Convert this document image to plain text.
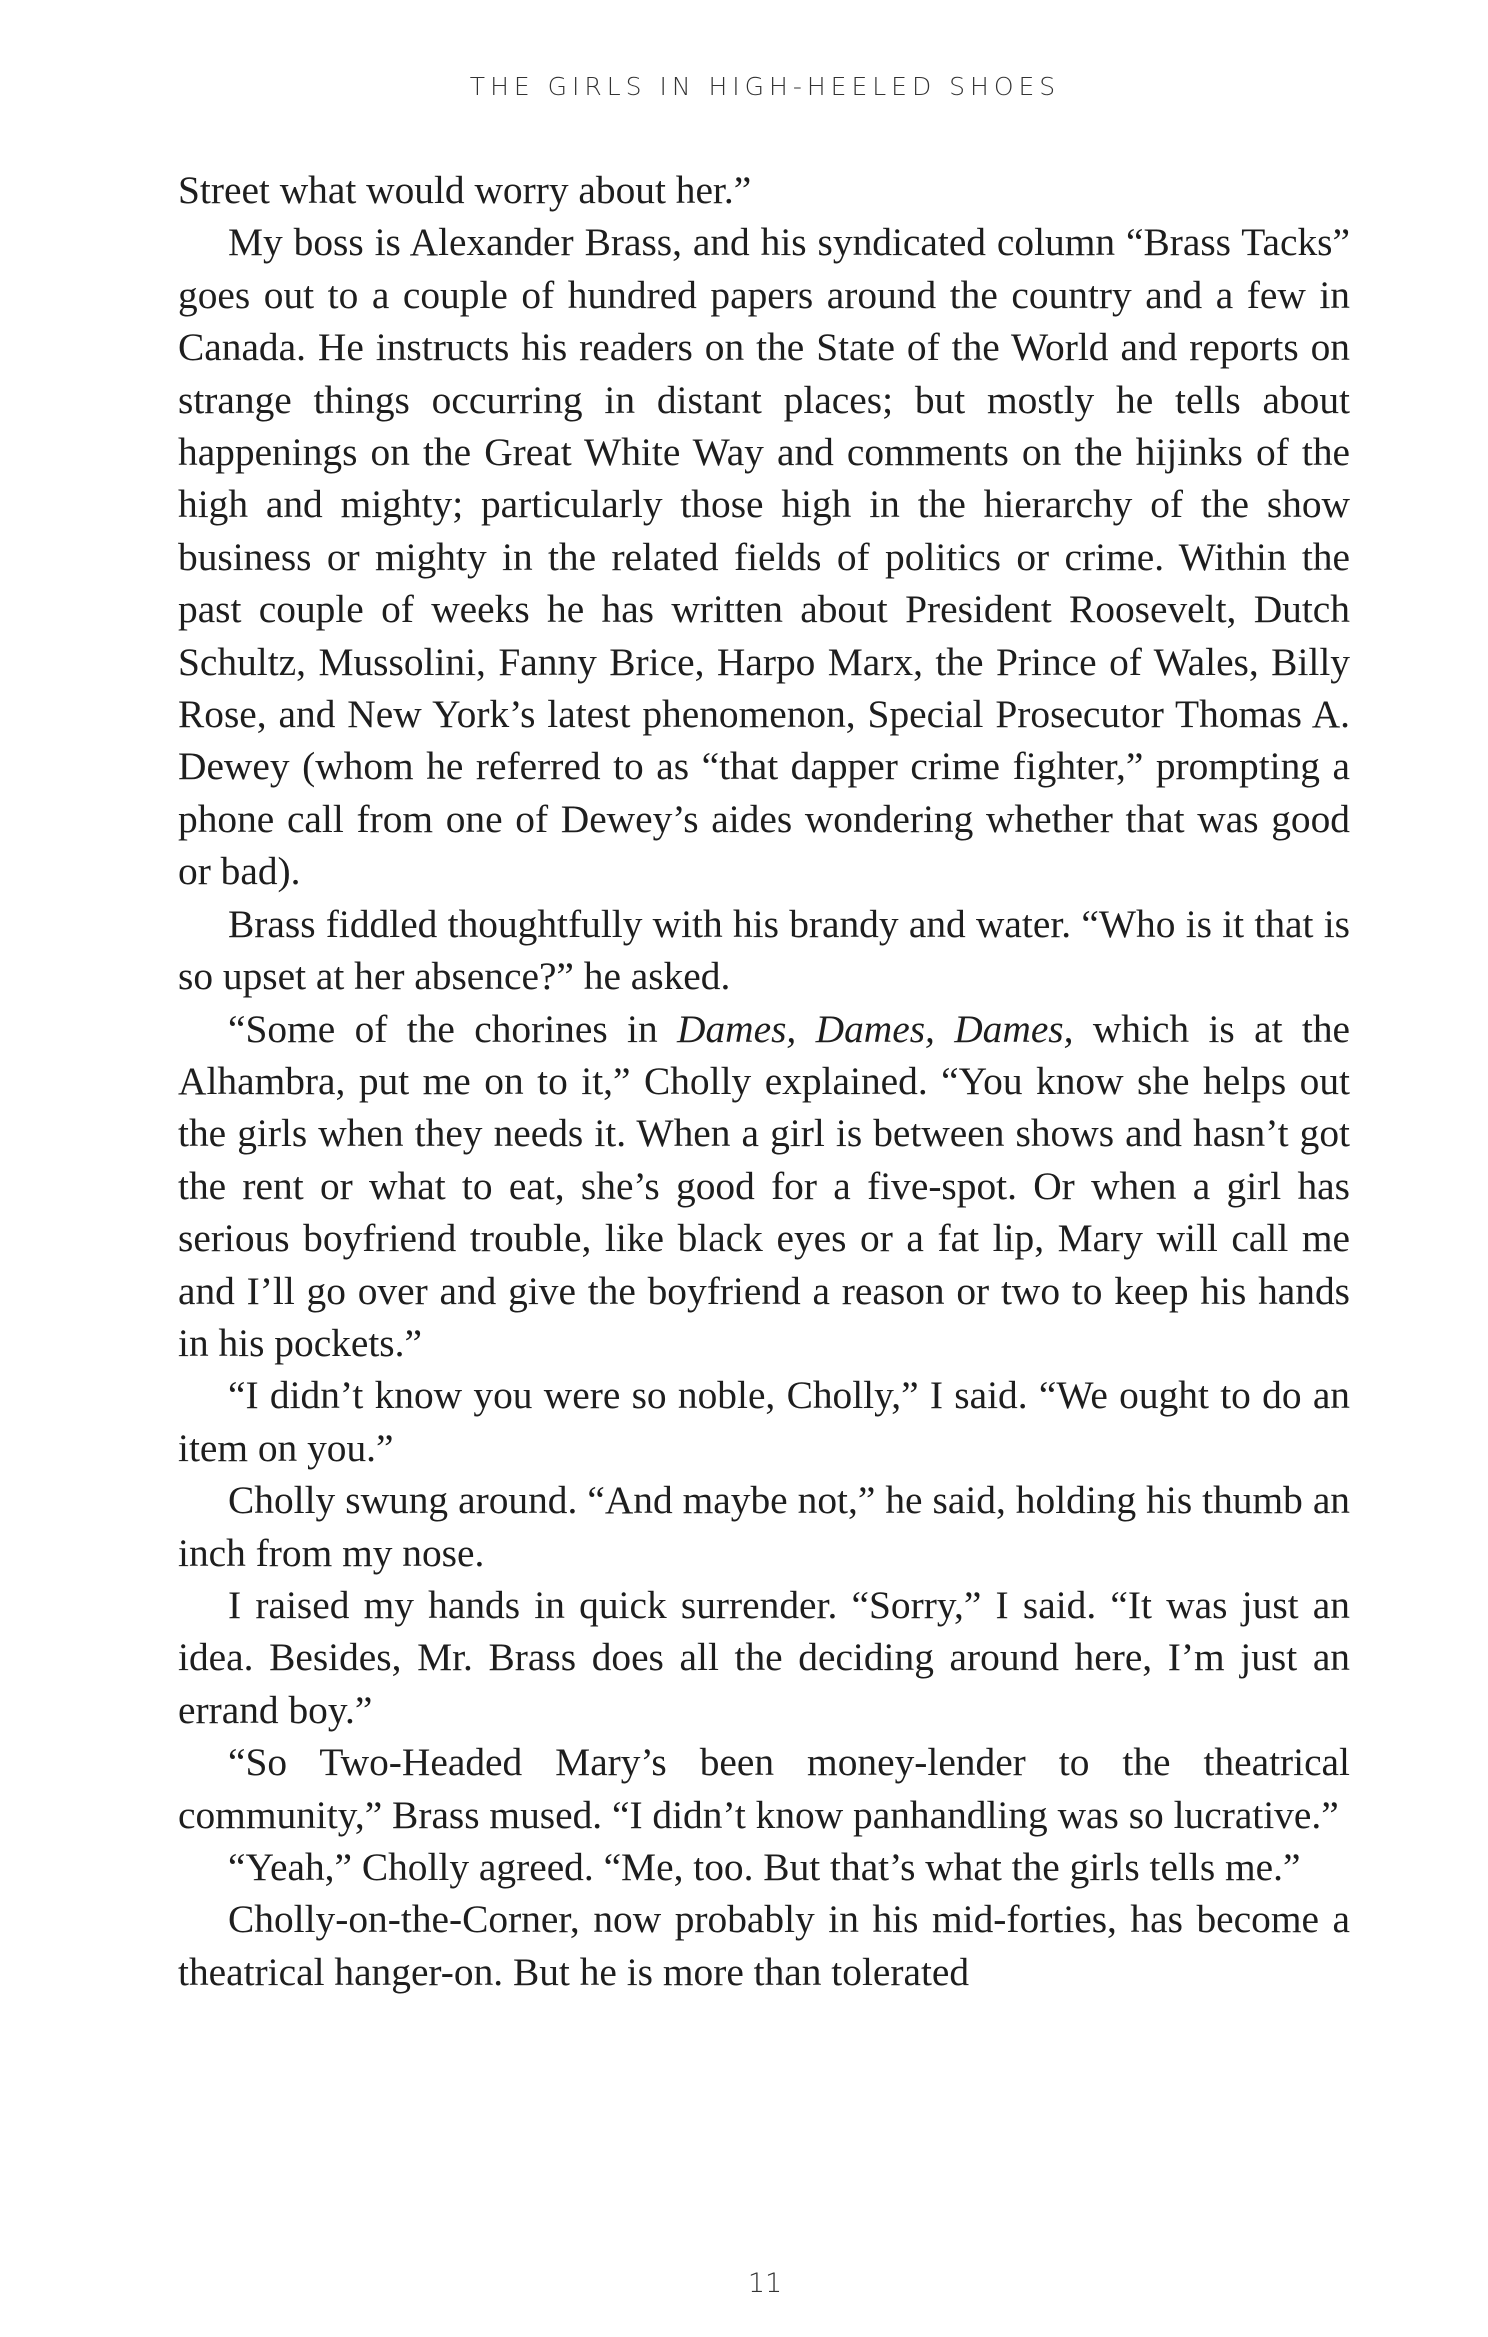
THE GIRLS IN HIGH-HEELED SHOES

Street what would worry about her.”

My boss is Alexander Brass, and his syndicated column “Brass Tacks” goes out to a couple of hundred papers around the country and a few in Canada. He instructs his readers on the State of the World and reports on strange things occurring in distant places; but mostly he tells about happenings on the Great White Way and comments on the hijinks of the high and mighty; particularly those high in the hierarchy of the show business or mighty in the related fields of politics or crime. Within the past couple of weeks he has written about President Roosevelt, Dutch Schultz, Mussolini, Fanny Brice, Harpo Marx, the Prince of Wales, Billy Rose, and New York’s latest phenomenon, Special Prosecutor Thomas A. Dewey (whom he referred to as “that dapper crime fighter,” prompting a phone call from one of Dewey’s aides wondering whether that was good or bad).

Brass fiddled thoughtfully with his brandy and water. “Who is it that is so upset at her absence?” he asked.

“Some of the chorines in Dames, Dames, Dames, which is at the Alhambra, put me on to it,” Cholly explained. “You know she helps out the girls when they needs it. When a girl is between shows and hasn’t got the rent or what to eat, she’s good for a five-spot. Or when a girl has serious boyfriend trouble, like black eyes or a fat lip, Mary will call me and I’ll go over and give the boyfriend a reason or two to keep his hands in his pockets.”

“I didn’t know you were so noble, Cholly,” I said. “We ought to do an item on you.”

Cholly swung around. “And maybe not,” he said, holding his thumb an inch from my nose.

I raised my hands in quick surrender. “Sorry,” I said. “It was just an idea. Besides, Mr. Brass does all the deciding around here, I’m just an errand boy.”

“So Two-Headed Mary’s been money-lender to the theatrical community,” Brass mused. “I didn’t know panhandling was so lucrative.”

“Yeah,” Cholly agreed. “Me, too. But that’s what the girls tells me.”

Cholly-on-the-Corner, now probably in his mid-forties, has become a theatrical hanger-on. But he is more than tolerated

11
